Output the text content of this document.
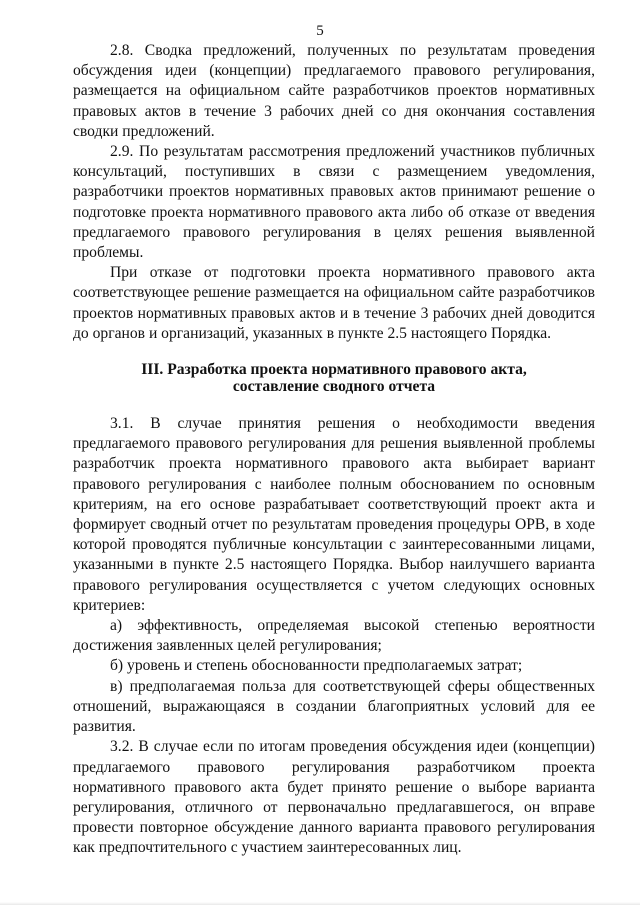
5

2.8. Сводка предложений, полученных по результатам проведения обсуждения идеи (концепции) предлагаемого правового регулирования, размещается на официальном сайте разработчиков проектов нормативных правовых актов в течение 3 рабочих дней со дня окончания составления сводки предложений.

2.9. По результатам рассмотрения предложений участников публичных консультаций, поступивших в связи с размещением уведомления, разработчики проектов нормативных правовых актов принимают решение о подготовке проекта нормативного правового акта либо об отказе от введения предлагаемого правового регулирования в целях решения выявленной проблемы.

При отказе от подготовки проекта нормативного правового акта соответствующее решение размещается на официальном сайте разработчиков проектов нормативных правовых актов и в течение 3 рабочих дней доводится до органов и организаций, указанных в пункте 2.5 настоящего Порядка.

III. Разработка проекта нормативного правового акта,
составление сводного отчета

3.1. В случае принятия решения о необходимости введения предлагаемого правового регулирования для решения выявленной проблемы разработчик проекта нормативного правового акта выбирает вариант правового регулирования с наиболее полным обоснованием по основным критериям, на его основе разрабатывает соответствующий проект акта и формирует сводный отчет по результатам проведения процедуры ОРВ, в ходе которой проводятся публичные консультации с заинтересованными лицами, указанными в пункте 2.5 настоящего Порядка. Выбор наилучшего варианта правового регулирования осуществляется с учетом следующих основных критериев:

а) эффективность, определяемая высокой степенью вероятности достижения заявленных целей регулирования;

б) уровень и степень обоснованности предполагаемых затрат;

в) предполагаемая польза для соответствующей сферы общественных отношений, выражающаяся в создании благоприятных условий для ее развития.

3.2. В случае если по итогам проведения обсуждения идеи (концепции) предлагаемого правового регулирования разработчиком проекта нормативного правового акта будет принято решение о выборе варианта регулирования, отличного от первоначально предлагавшегося, он вправе провести повторное обсуждение данного варианта правового регулирования как предпочтительного с участием заинтересованных лиц.
